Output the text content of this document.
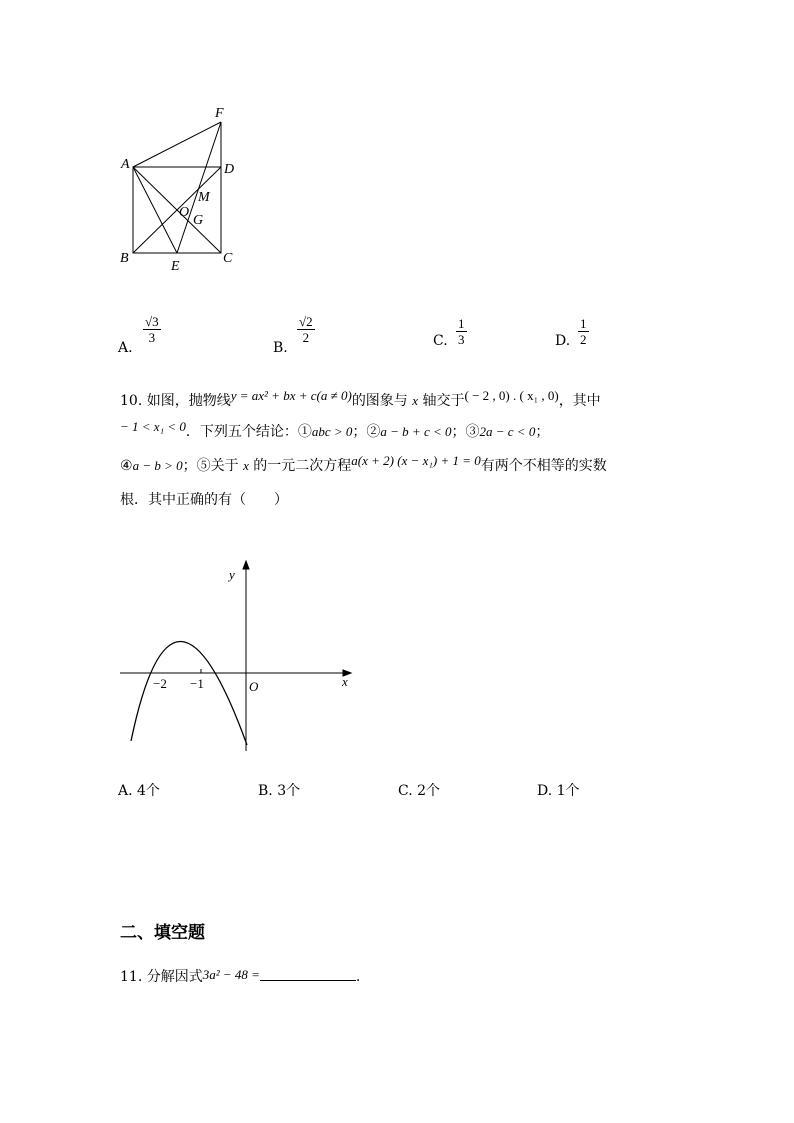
F
A	D
M
O
G
B
E
C
A.
$\frac{√3}{3}$
B.
$\frac{√2}{2}$	C. $\frac{1}{3}$	D. $\frac{1}{2}$
10. 如图，抛物线y = ax² + bx + c(a ≠ 0)的图象与 x 轴交于( − 2 , 0) . ( x₁ , 0)，其中
− 1 < x₁ < 0．下列五个结论：①abc > 0；②a − b + c < 0；③2a − c < 0；
④a − b > 0；⑤关于 x 的一元二次方程a(x + 2) (x − x₁) + 1 = 0有两个不相等的实数
根．其中正确的有（　　）
y
x
O
−2 −1
A. 4个	B. 3个	C. 2个	D. 1个
二、填空题
11. 分解因式3a² − 48 =	.
